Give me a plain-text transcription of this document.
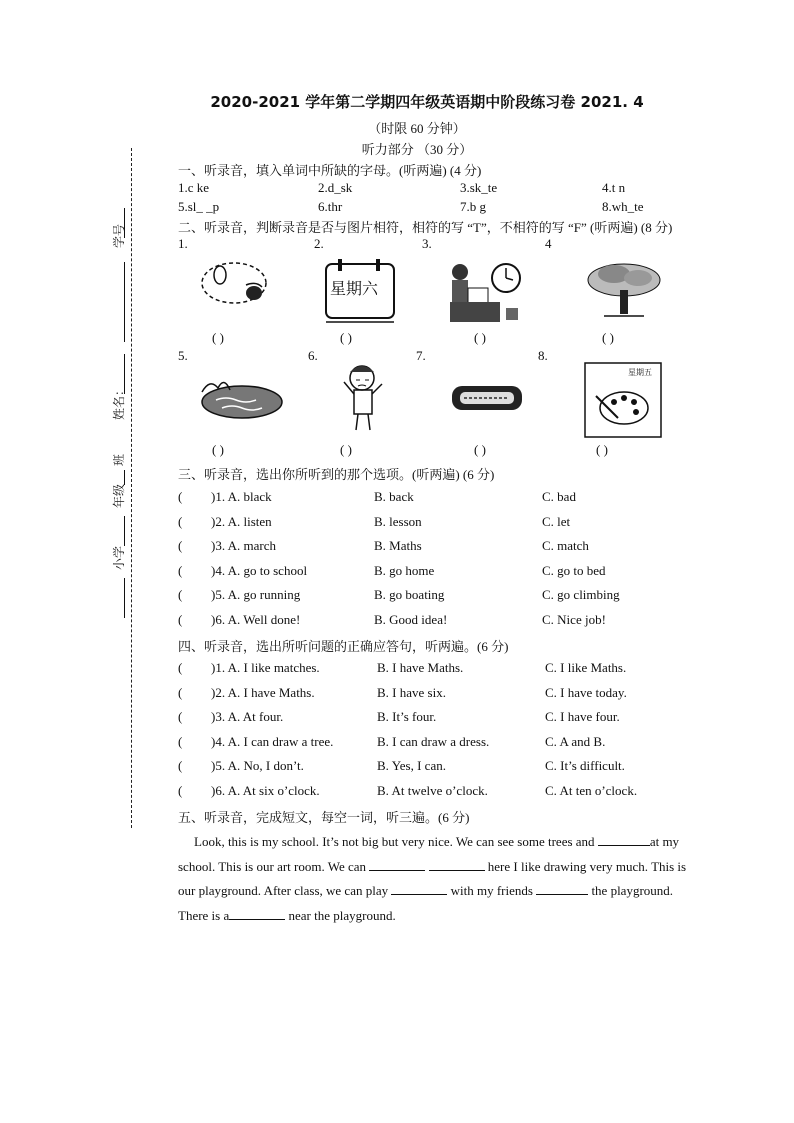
2020-2021 学年第二学期四年级英语期中阶段练习卷 2021. 4
（时限 60 分钟）
听力部分 （30 分）
学号
姓名：
班
年级
小学
一、听录音，填入单词中所缺的字母。(听两遍) (4 分)
1.c ke	2.d_sk	3.sk_te	4.t n
5.sl_ _p	6.thr	7.b g	8.wh_te
二、听录音，判断录音是否与图片相符，相符的写 “T”，不相符的写 “F” (听两遍) (8 分)
1.	2.	3.	4
星期六
( )	( )	( )	( )
5.	6.	7.	8.
星期五
( )	( )	( )	( )
三、听录音，选出你所听到的那个选项。(听两遍) (6 分)
( )1. A. black	B. back	C. bad
( )2. A. listen	B. lesson	C. let
( )3. A. march	B. Maths	C. match
( )4. A. go to school	B. go home	C. go to bed
( )5. A. go running	B. go boating	C. go climbing
( )6. A. Well done!	B. Good idea!	C. Nice job!
四、听录音，选出所听问题的正确应答句，听两遍。(6 分)
( )1. A. I like matches.	B. I have Maths.	C. I like Maths.
( )2. A. I have Maths.	B. I have six.	C. I have today.
( )3. A. At four.	B. It’s four.	C. I have four.
( )4. A. I can draw a tree.	B. I can draw a dress.	C. A and B.
( )5. A. No, I don’t.	B. Yes, I can.	C. It’s difficult.
( )6. A. At six o’clock.	B. At twelve o’clock.	C. At ten o’clock.
五、听录音，完成短文，每空一词，听三遍。(6 分)
Look, this is my school. It’s not big but very nice. We can see some trees and	at my
school. This is our art room. We can	here I like drawing very much. This is
our playground. After class, we can play	with my friends	the playground.
There is a	near the playground.
